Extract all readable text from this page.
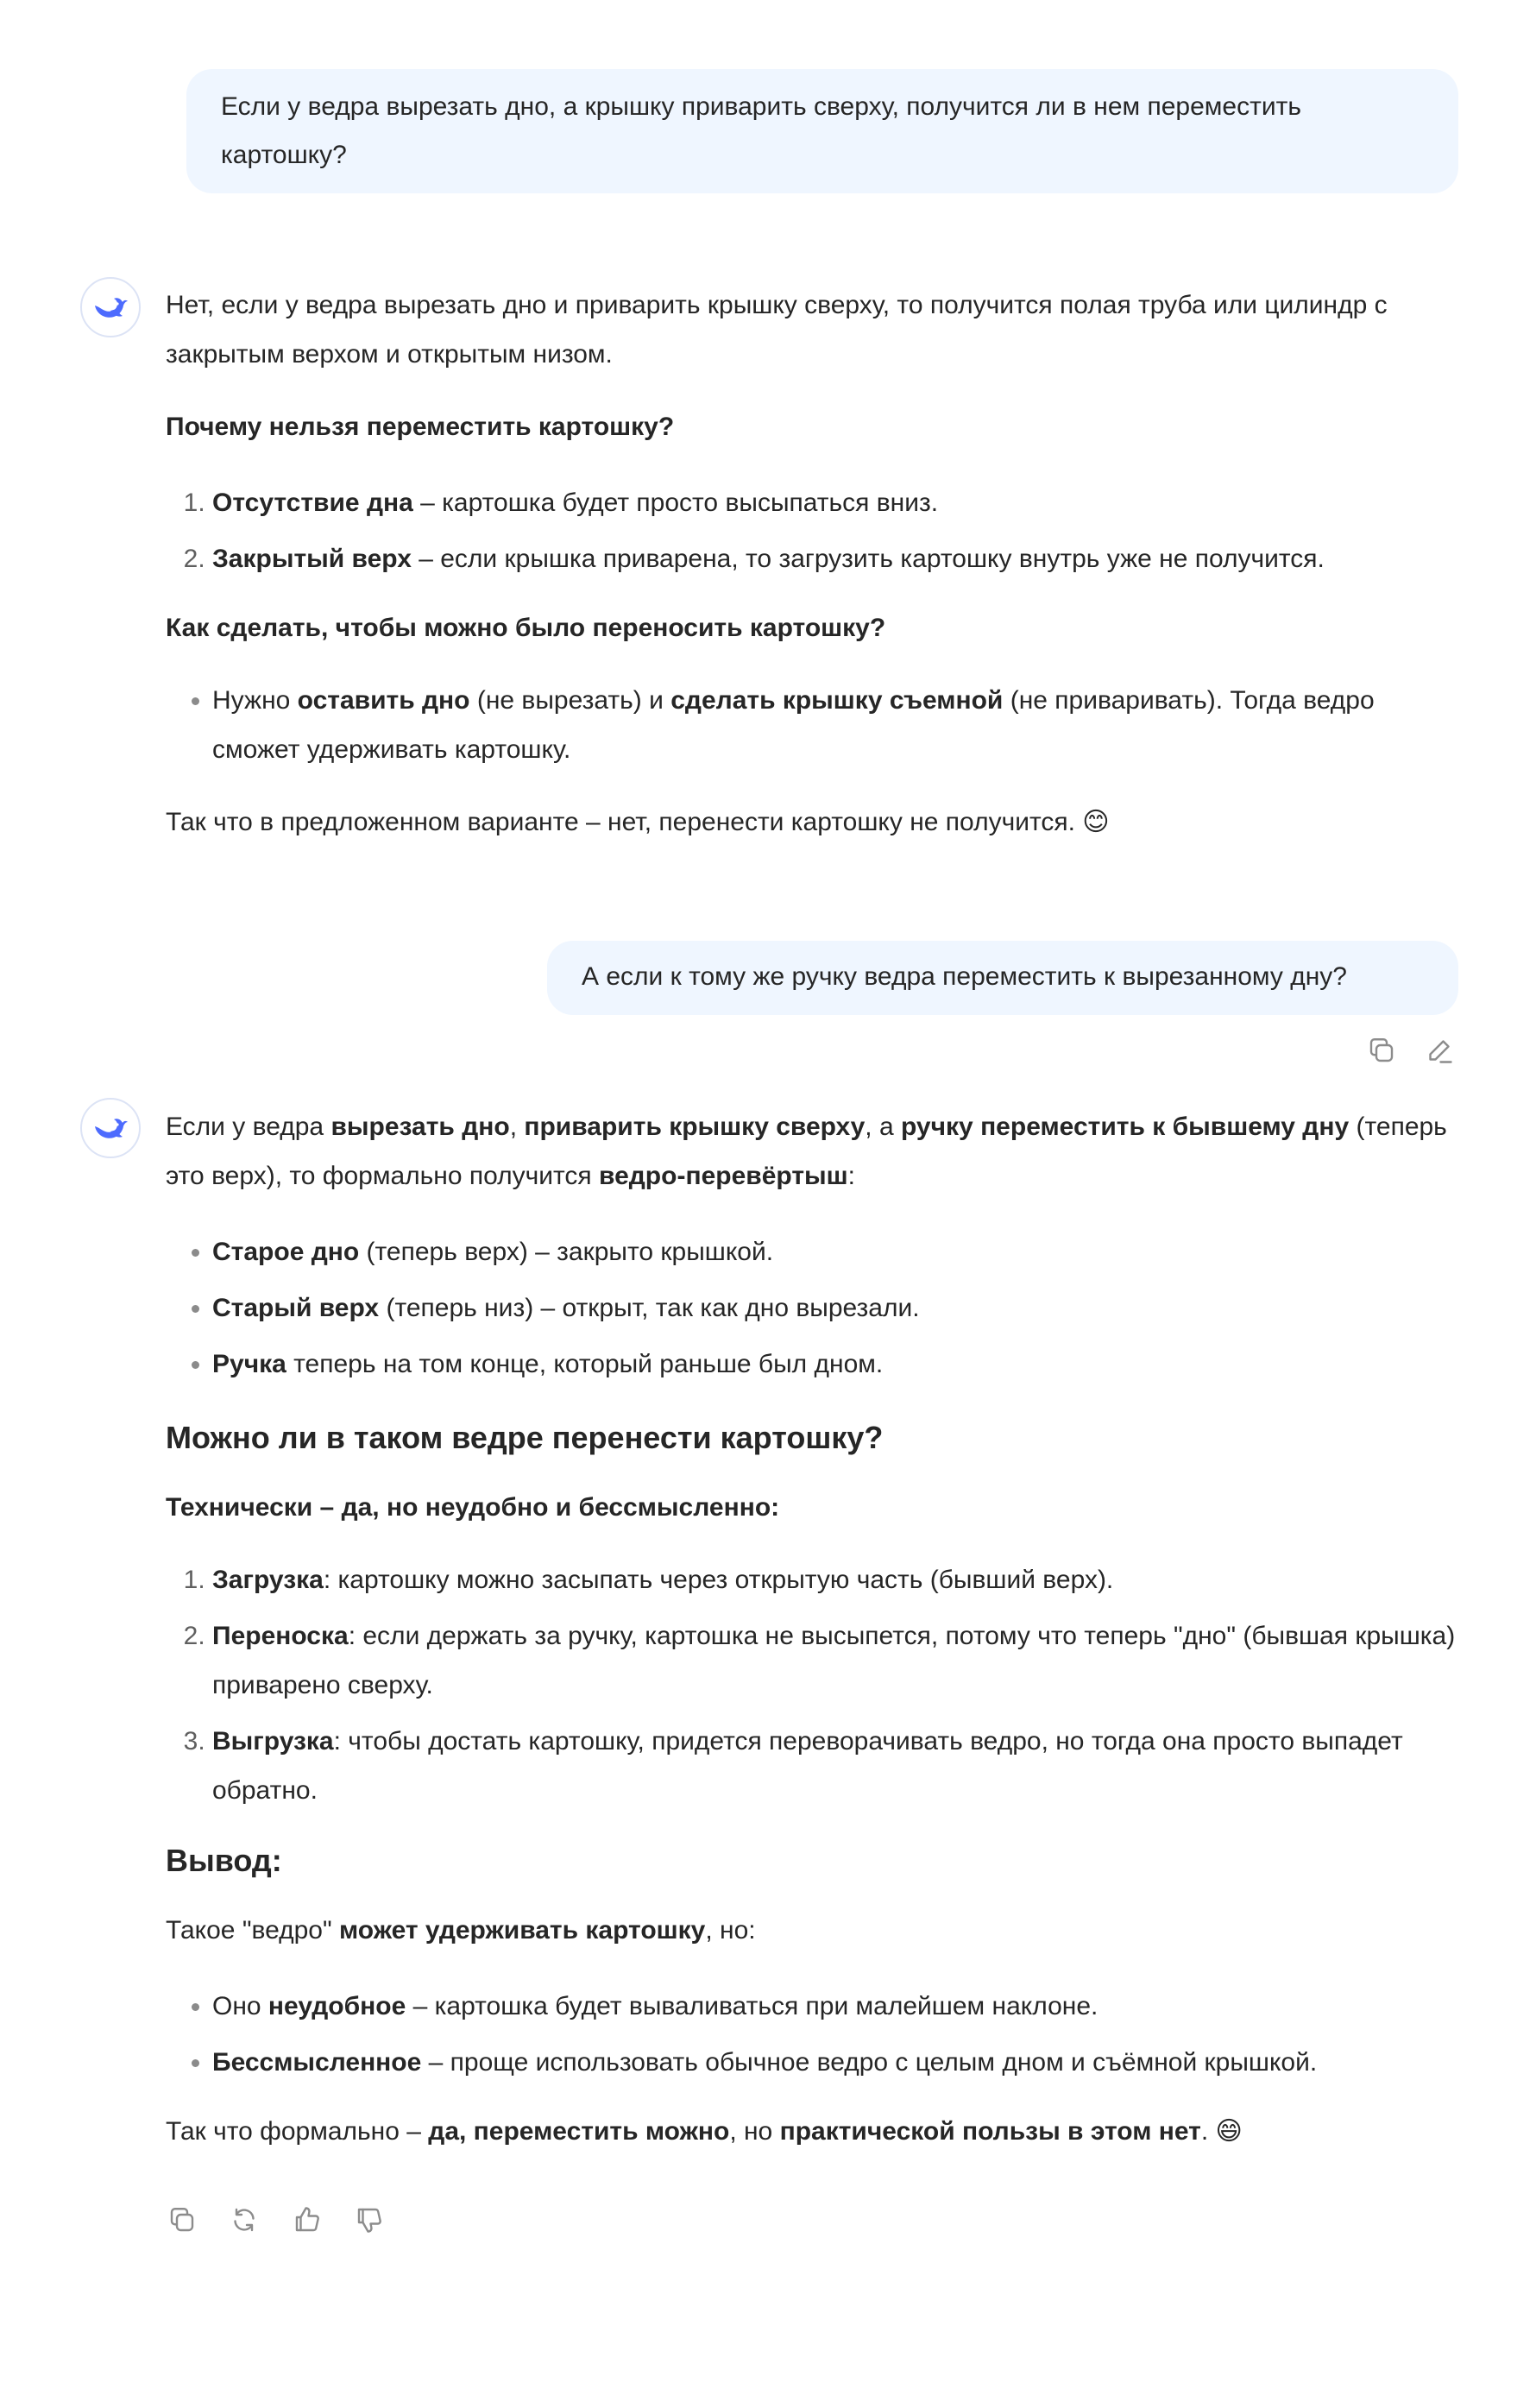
Если у ведра вырезать дно, а крышку приварить сверху, получится ли в нем переместить картошку?

Нет, если у ведра вырезать дно и приварить крышку сверху, то получится полая труба или цилиндр с закрытым верхом и открытым низом.

Почему нельзя переместить картошку?

1. Отсутствие дна – картошка будет просто высыпаться вниз.
2. Закрытый верх – если крышка приварена, то загрузить картошку внутрь уже не получится.

Как сделать, чтобы можно было переносить картошку?

• Нужно оставить дно (не вырезать) и сделать крышку съемной (не приваривать). Тогда ведро сможет удерживать картошку.

Так что в предложенном варианте – нет, перенести картошку не получится. 😊

А если к тому же ручку ведра переместить к вырезанному дну?

Если у ведра вырезать дно, приварить крышку сверху, а ручку переместить к бывшему дну (теперь это верх), то формально получится ведро-перевёртыш:

• Старое дно (теперь верх) – закрыто крышкой.
• Старый верх (теперь низ) – открыт, так как дно вырезали.
• Ручка теперь на том конце, который раньше был дном.

Можно ли в таком ведре перенести картошку?

Технически – да, но неудобно и бессмысленно:

1. Загрузка: картошку можно засыпать через открытую часть (бывший верх).
2. Переноска: если держать за ручку, картошка не высыпется, потому что теперь "дно" (бывшая крышка) приварено сверху.
3. Выгрузка: чтобы достать картошку, придется переворачивать ведро, но тогда она просто выпадет обратно.

Вывод:

Такое "ведро" может удерживать картошку, но:

• Оно неудобное – картошка будет вываливаться при малейшем наклоне.
• Бессмысленное – проще использовать обычное ведро с целым дном и съёмной крышкой.

Так что формально – да, переместить можно, но практической пользы в этом нет. 😄
